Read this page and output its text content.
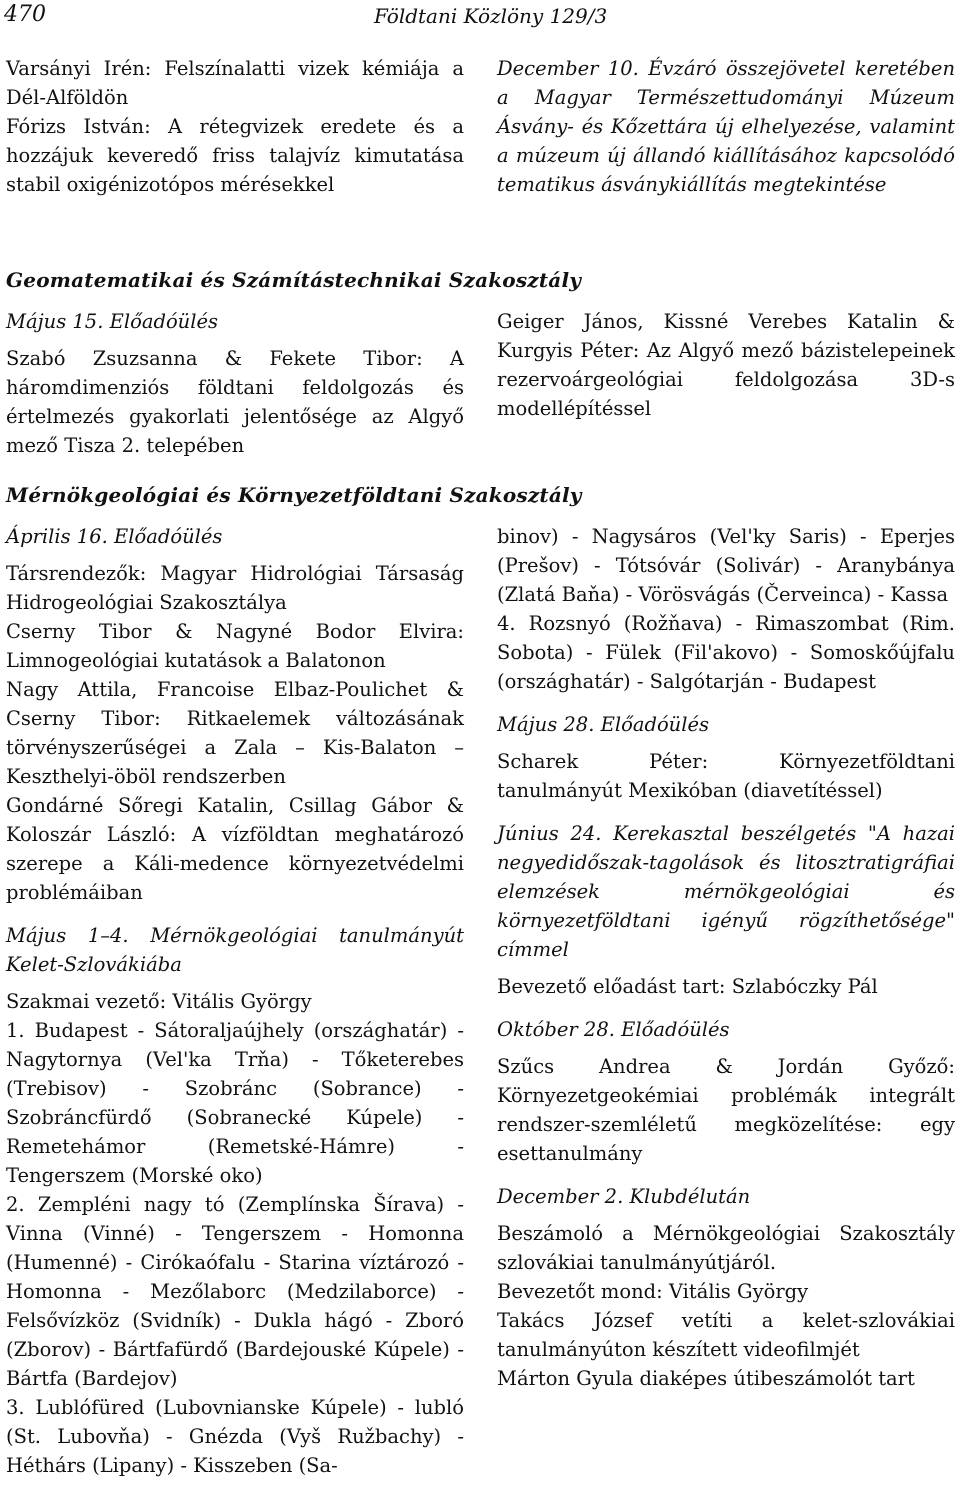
470	Földtani Közlöny 129/3

Varsányi Irén: Felszínalatti vizek kémiája a Dél-Alföldön

Fórizs István: A rétegvizek eredete és a hozzájuk keveredő friss talajvíz kimutatása stabil oxigénizotópos mérésekkel

December 10. Évzáró összejövetel keretében a Magyar Természettudományi Múzeum Ásvány- és Kőzettára új elhelyezése, valamint a múzeum új állandó kiállításához kapcsolódó tematikus ásványkiállítás megtekintése

Geomatematikai és Számítástechnikai Szakosztály

Május 15. Előadóülés

Szabó Zsuzsanna & Fekete Tibor: A háromdimenziós földtani feldolgozás és értelmezés gyakorlati jelentősége az Algyő mező Tisza 2. telepében

Geiger János, Kissné Verebes Katalin & Kurgyis Péter: Az Algyő mező bázistelepeinek rezervoárgeológiai feldolgozása 3D-s modellépítéssel

Mérnökgeológiai és Környezetföldtani Szakosztály

Április 16. Előadóülés

Társrendezők: Magyar Hidrológiai Társaság Hidrogeológiai Szakosztálya

Cserny Tibor & Nagyné Bodor Elvira: Limnogeológiai kutatások a Balatonon

Nagy Attila, Francoise Elbaz-Poulichet & Cserny Tibor: Ritkaelemek változásának törvényszerűségei a Zala – Kis-Balaton – Keszthelyi-öböl rendszerben

Gondárné Sőregi Katalin, Csillag Gábor & Koloszár László: A vízföldtan meghatározó szerepe a Káli-medence környezetvédelmi problémáiban

Május 1–4. Mérnökgeológiai tanulmányút Kelet-Szlovákiába

Szakmai vezető: Vitális György

1. Budapest - Sátoraljaújhely (országhatár) - Nagytornya (Vel'ka Trňa) - Tőketerebes (Trebisov) - Szobránc (Sobrance) - Szobráncfürdő (Sobranecké Kúpele) - Remetehámor (Remetské-Hámre) - Tengerszem (Morské oko)

2. Zempléni nagy tó (Zemplínska Šírava) - Vinna (Vinné) - Tengerszem - Homonna (Humenné) - Cirókaófalu - Starina víztározó - Homonna - Mezőlaborc (Medzilaborce) - Felsővízköz (Svidník) - Dukla hágó - Zboró (Zborov) - Bártfafürdő (Bardejouské Kúpele) - Bártfa (Bardejov)

3. Lublófüred (Lubovnianske Kúpele) - lubló (St. Lubovňa) - Gnézda (Vyš Ružbachy) - Héthárs (Lipany) - Kisszeben (Sa-

binov) - Nagysáros (Vel'ky Saris) - Eperjes (Prešov) - Tótsóvár (Solivár) - Aranybánya (Zlatá Baňa) - Vörösvágás (Červeinca) - Kassa

4. Rozsnyó (Rožňava) - Rimaszombat (Rim. Sobota) - Fülek (Fil'akovo) - Somoskőújfalu (országhatár) - Salgótarján - Budapest

Május 28. Előadóülés

Scharek Péter: Környezetföldtani tanulmányút Mexikóban (diavetítéssel)

Június 24. Kerekasztal beszélgetés "A hazai negyedidőszak-tagolások és litosztratigráfiai elemzések mérnökgeológiai és környezetföldtani igényű rögzíthetősége" címmel

Bevezető előadást tart: Szlabóczky Pál

Október 28. Előadóülés

Szűcs Andrea & Jordán Győző: Környezetgeokémiai problémák integrált rendszer-szemléletű megközelítése: egy esettanulmány

December 2. Klubdélután

Beszámoló a Mérnökgeológiai Szakosztály szlovákiai tanulmányútjáról.

Bevezetőt mond: Vitális György

Takács József vetíti a kelet-szlovákiai tanulmányúton készített videofilmjét

Márton Gyula diaképes útibeszámolót tart
